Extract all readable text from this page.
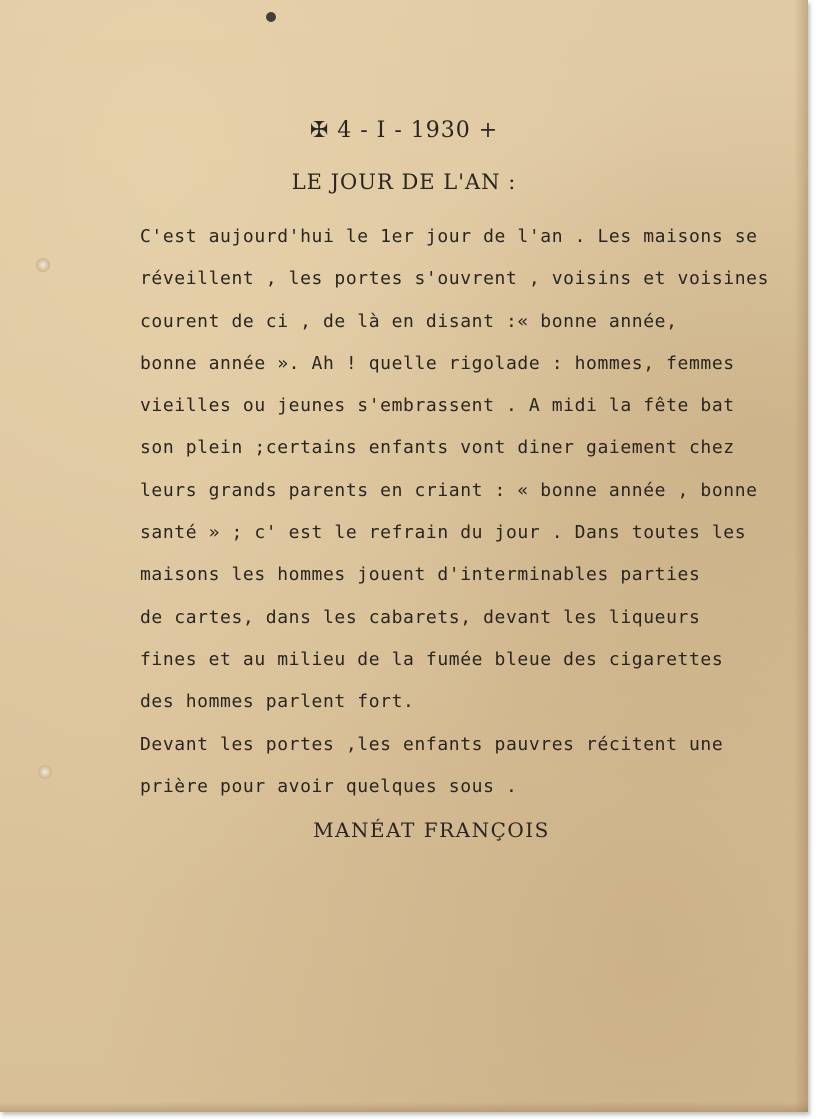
✠ 4 - I - 1930 +
LE JOUR DE L'AN :
C'est aujourd'hui le 1er jour de l'an . Les maisons se
réveillent , les portes s'ouvrent , voisins et voisines
courent de ci , de là en disant :« bonne année,
bonne année ». Ah ! quelle rigolade : hommes, femmes
vieilles ou jeunes s'embrassent . A midi la fête bat
son plein ;certains enfants vont diner gaiement chez
leurs grands parents en criant : « bonne année , bonne
santé » ; c' est le refrain du jour . Dans toutes les
maisons les hommes jouent d'interminables parties
de cartes, dans les cabarets, devant les liqueurs
fines et au milieu de la fumée bleue des cigarettes
des hommes parlent fort.
Devant les portes ,les enfants pauvres récitent une
prière pour avoir quelques sous .
MANÉAT FRANÇOIS
